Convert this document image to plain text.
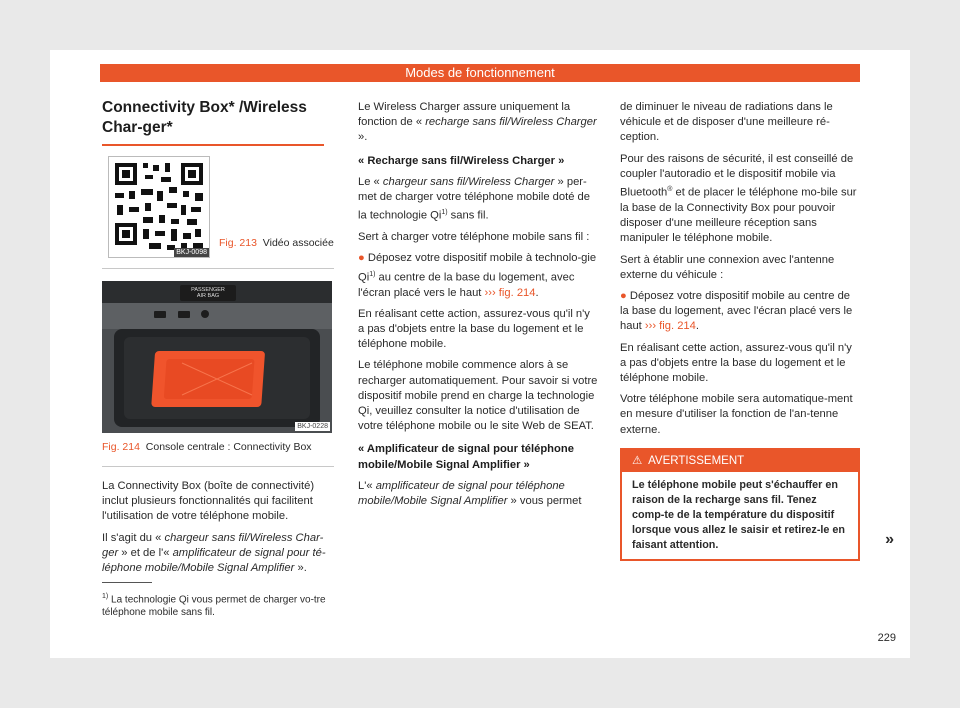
Modes de fonctionnement
Connectivity Box* /Wireless Char-ger*
BKJ-0098
Fig. 213 Vidéo associée
PASSENGER
AIR BAG
BKJ-0228
Fig. 214 Console centrale : Connectivity Box

La Connectivity Box (boîte de connectivité) inclut plusieurs fonctionnalités qui facilitent l'utilisation de votre téléphone mobile.

Il s'agit du « chargeur sans fil/Wireless Char-ger » et de l'« amplificateur de signal pour té-léphone mobile/Mobile Signal Amplifier ».

Le Wireless Charger assure uniquement la fonction de « recharge sans fil/Wireless Charger ».

« Recharge sans fil/Wireless Charger »

Le « chargeur sans fil/Wireless Charger » per-met de charger votre téléphone mobile doté de la technologie Qi$^{1)}$ sans fil.

Sert à charger votre téléphone mobile sans fil :

● Déposez votre dispositif mobile à technolo-gie Qi$^{1)}$ au centre de la base du logement, avec l'écran placé vers le haut ››› fig. 214.

En réalisant cette action, assurez-vous qu'il n'y a pas d'objets entre la base du logement et le téléphone mobile.

Le téléphone mobile commence alors à se recharger automatiquement. Pour savoir si votre dispositif mobile prend en charge la technologie Qi, veuillez consulter la notice d'utilisation de votre téléphone mobile ou le site Web de SEAT.

« Amplificateur de signal pour téléphone mobile/Mobile Signal Amplifier »

L'« amplificateur de signal pour téléphone mobile/Mobile Signal Amplifier » vous permet

de diminuer le niveau de radiations dans le véhicule et de disposer d'une meilleure ré-ception.

Pour des raisons de sécurité, il est conseillé de coupler l'autoradio et le dispositif mobile via Bluetooth® et de placer le téléphone mo-bile sur la base de la Connectivity Box pour pouvoir disposer d'une meilleure réception sans manipuler le téléphone mobile.

Sert à établir une connexion avec l'antenne externe du véhicule :

● Déposez votre dispositif mobile au centre de la base du logement, avec l'écran placé vers le haut ››› fig. 214.

En réalisant cette action, assurez-vous qu'il n'y a pas d'objets entre la base du logement et le téléphone mobile.

Votre téléphone mobile sera automatique-ment en mesure d'utiliser la fonction de l'an-tenne externe.

⚠ AVERTISSEMENT
Le téléphone mobile peut s'échauffer en raison de la recharge sans fil. Tenez comp-te de la température du dispositif lorsque vous allez le saisir et retirez-le en faisant attention.	»
$^{1)}$ La technologie Qi vous permet de charger vo-tre téléphone mobile sans fil.
229
